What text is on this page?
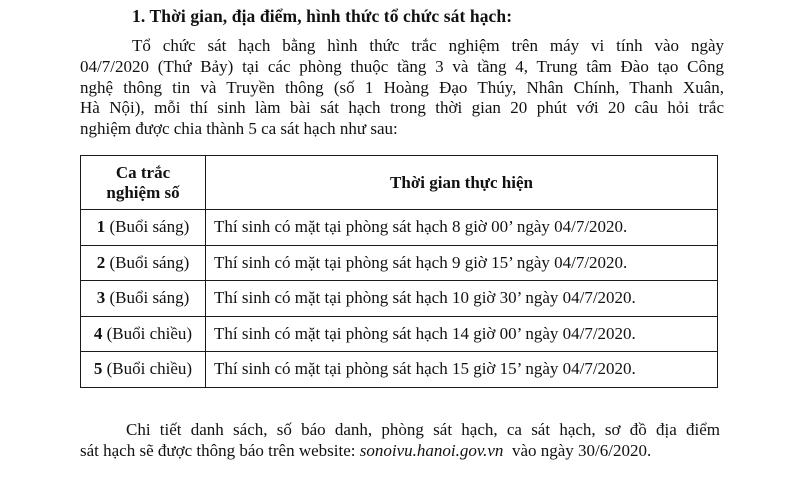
1. Thời gian, địa điểm, hình thức tổ chức sát hạch:
Tổ chức sát hạch bằng hình thức trắc nghiệm trên máy vi tính vào ngày
04/7/2020 (Thứ Bảy) tại các phòng thuộc tầng 3 và tầng 4, Trung tâm Đào tạo Công
nghệ thông tin và Truyền thông (số 1 Hoàng Đạo Thúy, Nhân Chính, Thanh Xuân,
Hà Nội), mỗi thí sinh làm bài sát hạch trong thời gian 20 phút với 20 câu hỏi trắc
nghiệm được chia thành 5 ca sát hạch như sau:
Ca trắc
nghiệm số	Thời gian thực hiện
1 (Buổi sáng)	Thí sinh có mặt tại phòng sát hạch 8 giờ 00’ ngày 04/7/2020.
2 (Buổi sáng)	Thí sinh có mặt tại phòng sát hạch 9 giờ 15’ ngày 04/7/2020.
3 (Buổi sáng)	Thí sinh có mặt tại phòng sát hạch 10 giờ 30’ ngày 04/7/2020.
4 (Buổi chiều)	Thí sinh có mặt tại phòng sát hạch 14 giờ 00’ ngày 04/7/2020.
5 (Buổi chiều)	Thí sinh có mặt tại phòng sát hạch 15 giờ 15’ ngày 04/7/2020.
Chi tiết danh sách, số báo danh, phòng sát hạch, ca sát hạch, sơ đồ địa điểm
sát hạch sẽ được thông báo trên website: sonoivu.hanoi.gov.vn  vào ngày 30/6/2020.
